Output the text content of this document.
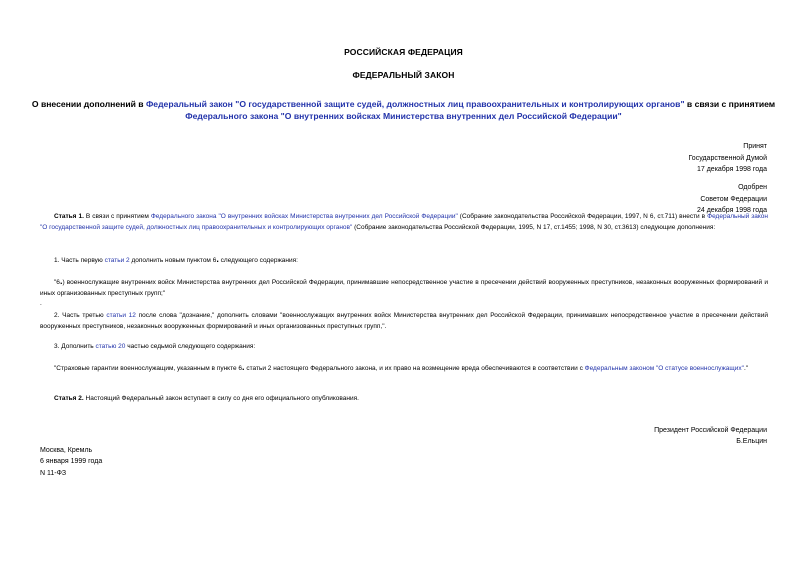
РОССИЙСКАЯ ФЕДЕРАЦИЯ
ФЕДЕРАЛЬНЫЙ ЗАКОН
О внесении дополнений в Федеральный закон "О государственной защите судей, должностных лиц правоохранительных и контролирующих органов" в связи с принятием Федерального закона "О внутренних войсках Министерства внутренних дел Российской Федерации"
Принят
Государственной Думой
17 декабря 1998 года
Одобрен
Советом Федерации
24 декабря 1998 года
Статья 1. В связи с принятием Федерального закона "О внутренних войсках Министерства внутренних дел Российской Федерации" (Собрание законодательства Российской Федерации, 1997, N 6, ст.711) внести в Федеральный закон "О государственной защите судей, должностных лиц правоохранительных и контролирующих органов" (Собрание законодательства Российской Федерации, 1995, N 17, ст.1455; 1998, N 30, ст.3613) следующие дополнения:
1. Часть первую статьи 2 дополнить новым пунктом 6. следующего содержания:
"6.) военнослужащие внутренних войск Министерства внутренних дел Российской Федерации, принимавшие непосредственное участие в пресечении действий вооруженных преступников, незаконных вооруженных формирований и иных организованных преступных групп;"
.
2. Часть третью статьи 12 после слова "дознание," дополнить словами "военнослужащих внутренних войск Министерства внутренних дел Российской Федерации, принимавших непосредственное участие в пресечении действий вооруженных преступников, незаконных вооруженных формирований и иных организованных преступных групп,".
3. Дополнить статью 20 частью седьмой следующего содержания:
"Страховые гарантии военнослужащим, указанным в пункте 6. статьи 2 настоящего Федерального закона, и их право на возмещение вреда обеспечиваются в соответствии с Федеральным законом "О статусе военнослужащих"."
Статья 2. Настоящий Федеральный закон вступает в силу со дня его официального опубликования.
Президент Российской Федерации
Б.Ельцин
Москва, Кремль
6 января 1999 года
N 11-ФЗ
